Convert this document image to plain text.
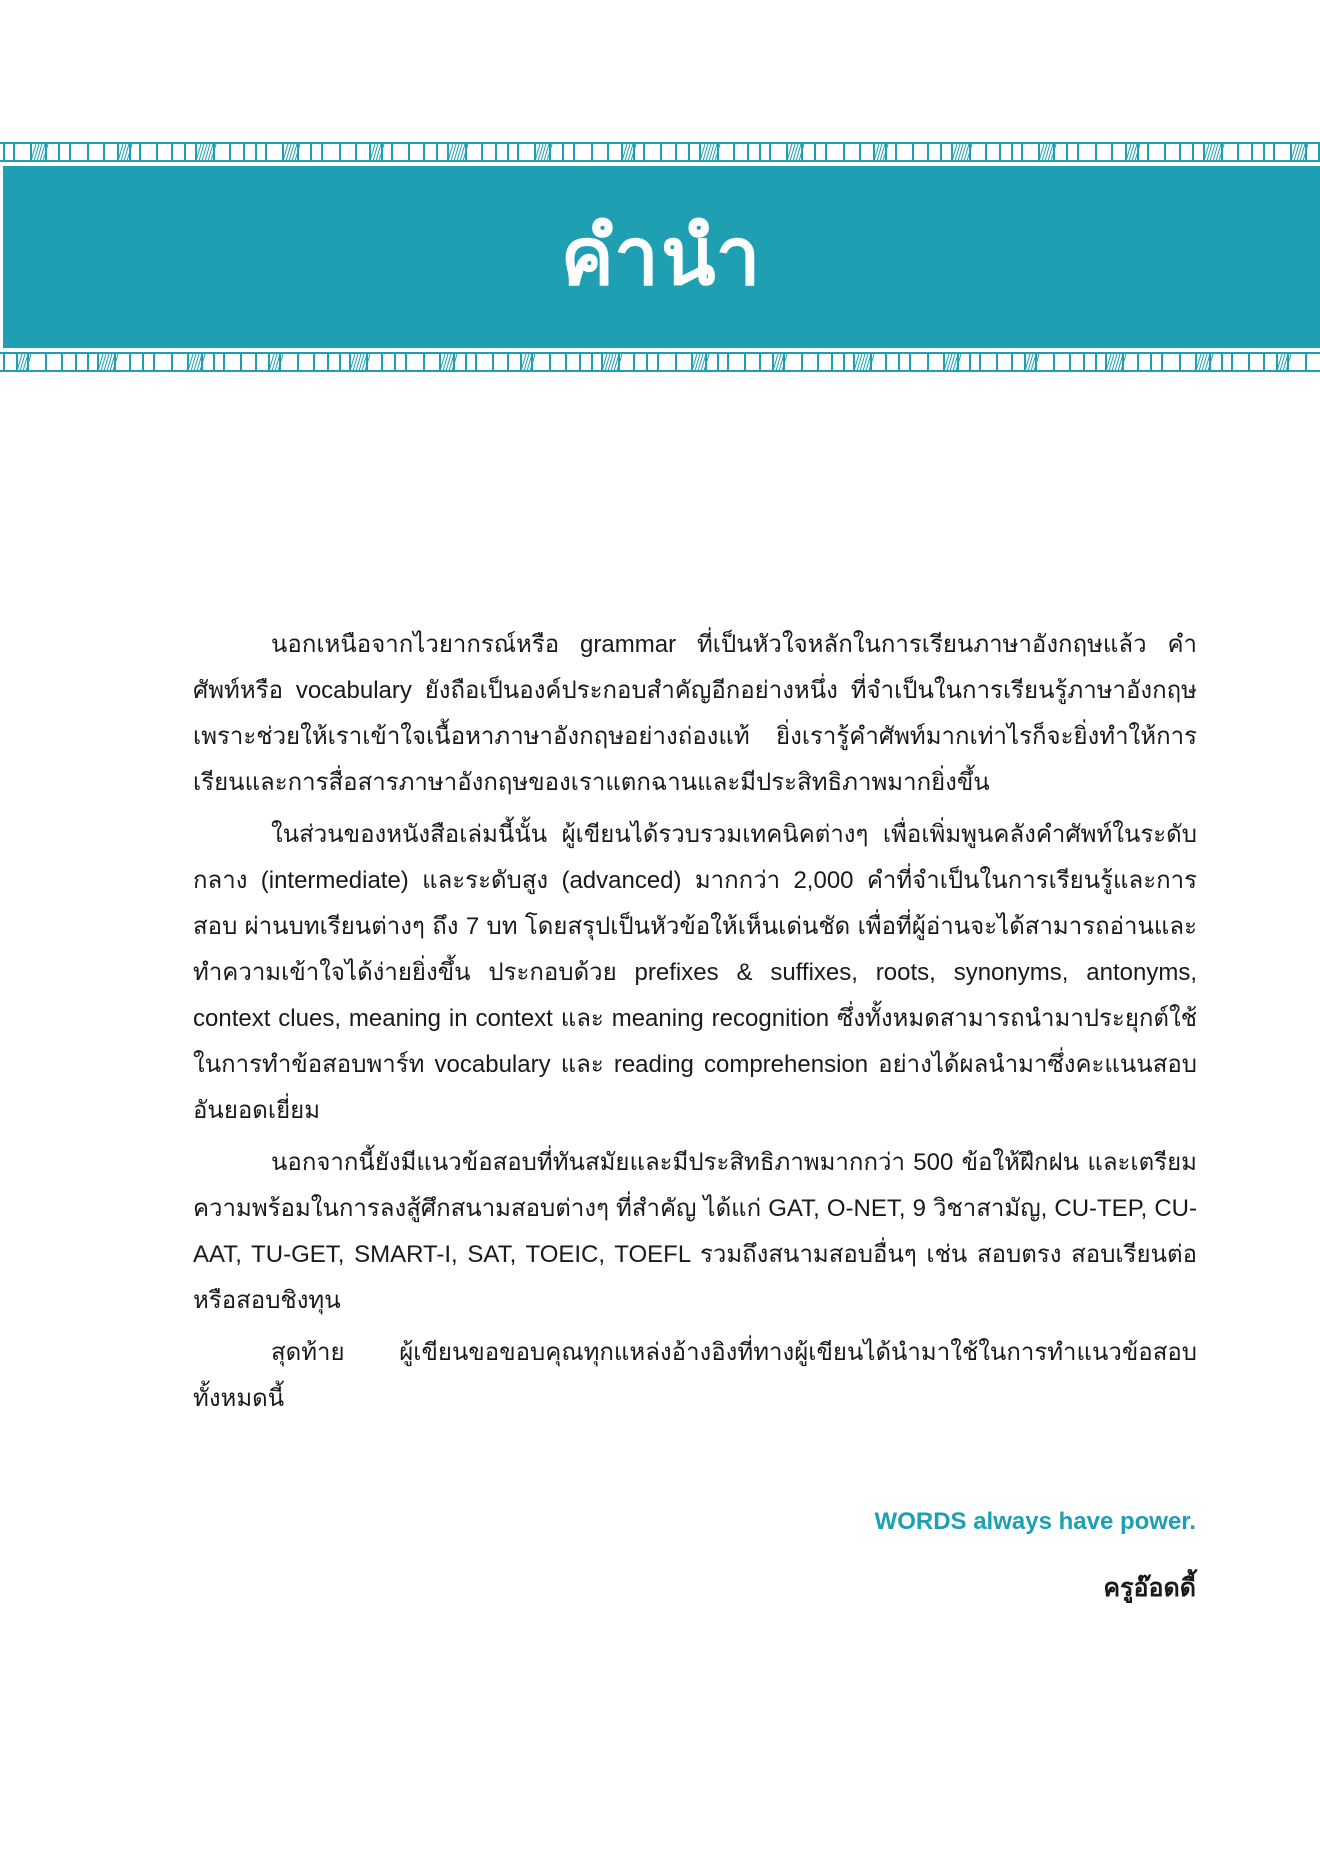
คำนำ

นอกเหนือจากไวยากรณ์หรือ grammar ที่เป็นหัวใจหลักในการเรียนภาษาอังกฤษแล้ว คำศัพท์หรือ vocabulary ยังถือเป็นองค์ประกอบสำคัญอีกอย่างหนึ่ง ที่จำเป็นในการเรียนรู้ภาษาอังกฤษ เพราะช่วยให้เราเข้าใจเนื้อหาภาษาอังกฤษอย่างถ่องแท้ ยิ่งเรารู้คำศัพท์มากเท่าไรก็จะยิ่งทำให้การเรียนและการสื่อสารภาษาอังกฤษของเราแตกฉานและมีประสิทธิภาพมากยิ่งขึ้น

ในส่วนของหนังสือเล่มนี้นั้น ผู้เขียนได้รวบรวมเทคนิคต่างๆ เพื่อเพิ่มพูนคลังคำศัพท์ในระดับกลาง (intermediate) และระดับสูง (advanced) มากกว่า 2,000 คำที่จำเป็นในการเรียนรู้และการสอบ ผ่านบทเรียนต่างๆ ถึง 7 บท โดยสรุปเป็นหัวข้อให้เห็นเด่นชัด เพื่อที่ผู้อ่านจะได้สามารถอ่านและทำความเข้าใจได้ง่ายยิ่งขึ้น ประกอบด้วย prefixes & suffixes, roots, synonyms, antonyms, context clues, meaning in context และ meaning recognition ซึ่งทั้งหมดสามารถนำมาประยุกต์ใช้ในการทำข้อสอบพาร์ท vocabulary และ reading comprehension อย่างได้ผลนำมาซึ่งคะแนนสอบอันยอดเยี่ยม

นอกจากนี้ยังมีแนวข้อสอบที่ทันสมัยและมีประสิทธิภาพมากกว่า 500 ข้อให้ฝึกฝน และเตรียมความพร้อมในการลงสู้ศึกสนามสอบต่างๆ ที่สำคัญ ได้แก่ GAT, O-NET, 9 วิชาสามัญ, CU-TEP, CU-AAT, TU-GET, SMART-I, SAT, TOEIC, TOEFL รวมถึงสนามสอบอื่นๆ เช่น สอบตรง สอบเรียนต่อ หรือสอบชิงทุน

สุดท้าย ผู้เขียนขอขอบคุณทุกแหล่งอ้างอิงที่ทางผู้เขียนได้นำมาใช้ในการทำแนวข้อสอบทั้งหมดนี้

WORDS always have power.
ครูอ๊อดดี้
